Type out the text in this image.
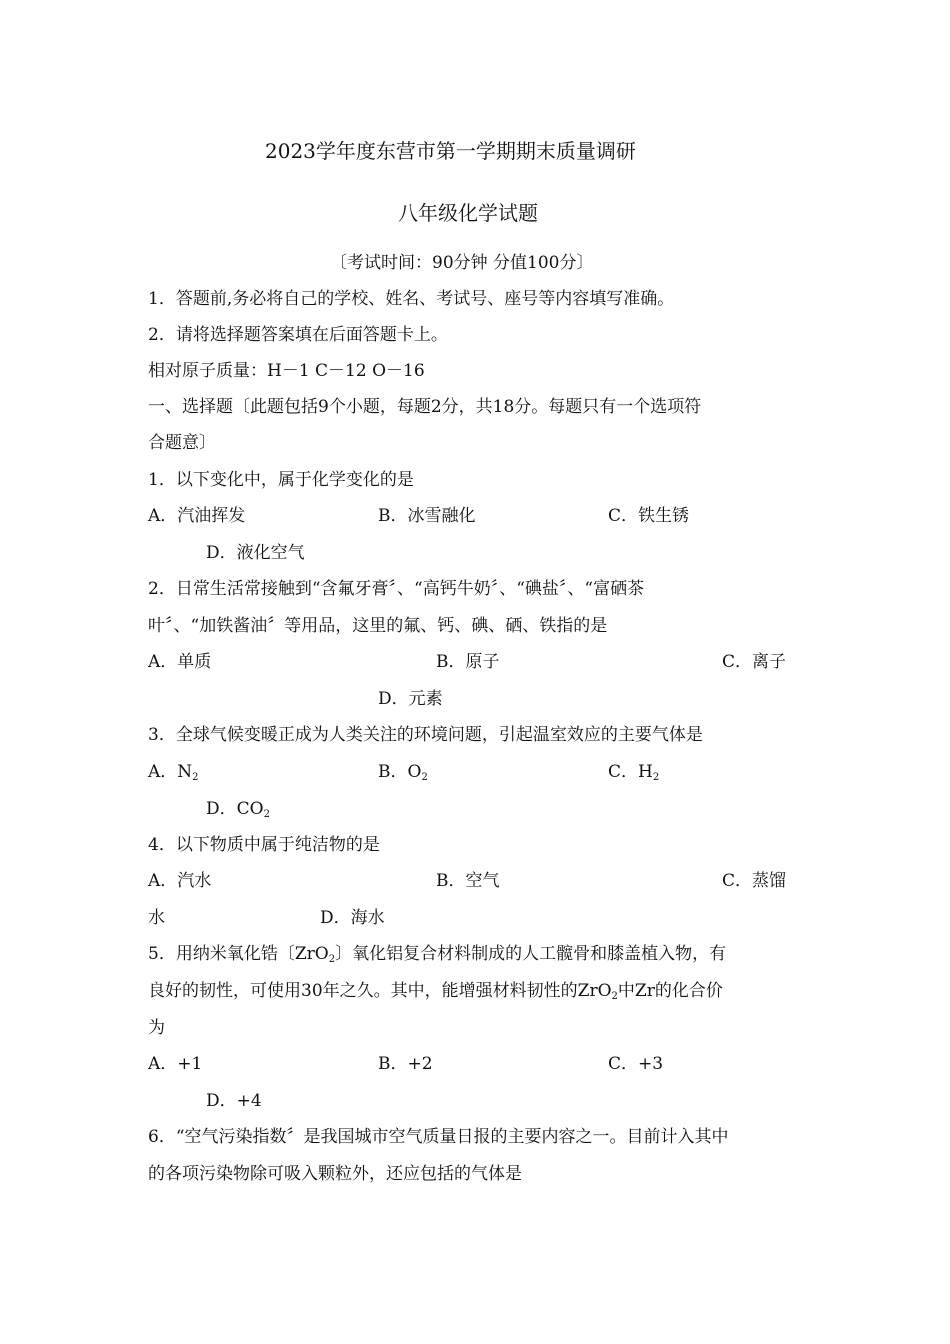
2023学年度东营市第一学期期末质量调研
八年级化学试题
〔考试时间：90分钟 分值100分〕
1．答题前,务必将自己的学校、姓名、考试号、座号等内容填写准确。
2．请将选择题答案填在后面答题卡上。
相对原子质量：H－1 C－12 O－16
一、选择题〔此题包括9个小题，每题2分，共18分。每题只有一个选项符
合题意〕
1．以下变化中，属于化学变化的是
A．汽油挥发	B．冰雪融化	C．铁生锈
D．液化空气
2．日常生活常接触到“含氟牙膏〞、“高钙牛奶〞、“碘盐〞、“富硒茶
叶〞、“加铁酱油〞等用品，这里的氟、钙、碘、硒、铁指的是
A．单质	B．原子	C．离子
D．元素
3．全球气候变暖正成为人类关注的环境问题，引起温室效应的主要气体是
A．$N_2$	B．$O_2$	C．$H_2$
D．$CO_2$
4．以下物质中属于纯洁物的是
A．汽水	B．空气	C．蒸馏
水	D．海水
5．用纳米氧化锆〔ZrO$_2$〕氧化铝复合材料制成的人工髋骨和膝盖植入物，有
良好的韧性，可使用30年之久。其中，能增强材料韧性的ZrO$_2$中Zr的化合价
为
A．+1	B．+2	C．+3
D．+4
6．“空气污染指数〞是我国城市空气质量日报的主要内容之一。目前计入其中
的各项污染物除可吸入颗粒外，还应包括的气体是
